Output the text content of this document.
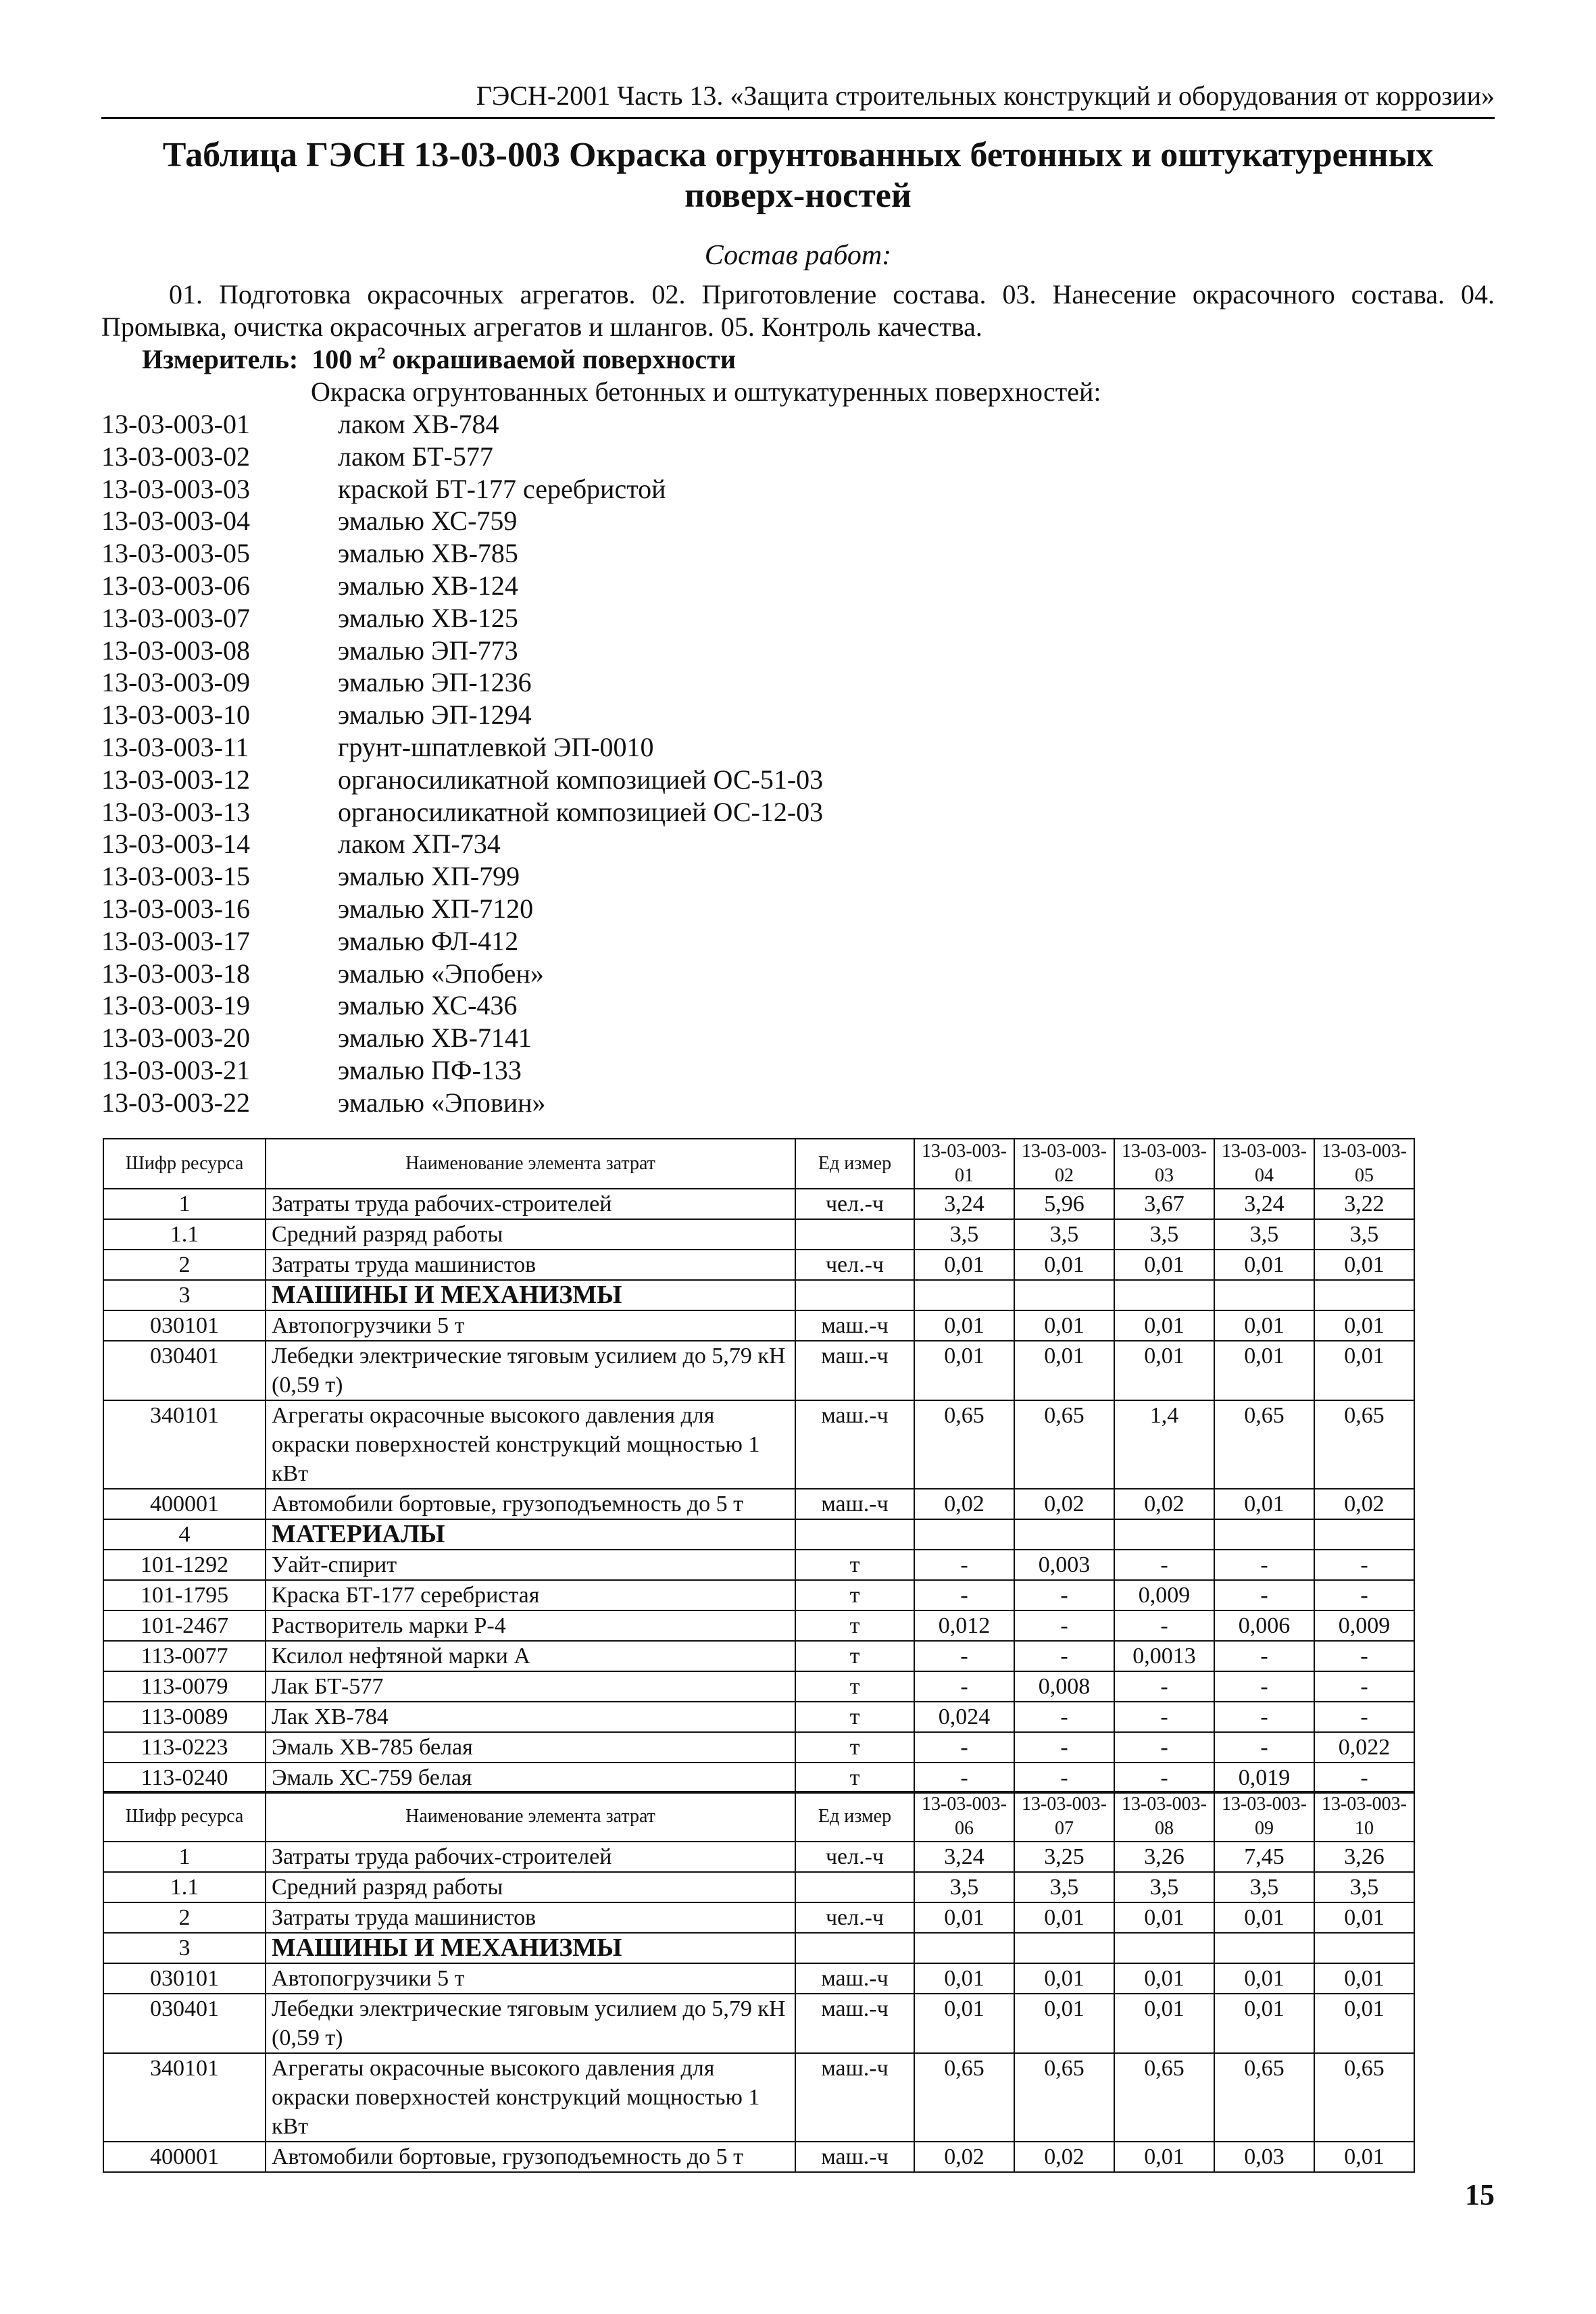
ГЭСН-2001 Часть 13. «Защита строительных конструкций и оборудования от коррозии»
Таблица ГЭСН 13-03-003 Окраска огрунтованных бетонных и оштукатуренных поверх-ностей
Состав работ:
01. Подготовка окрасочных агрегатов. 02. Приготовление состава. 03. Нанесение окрасочного состава. 04. Промывка, очистка окрасочных агрегатов и шлангов. 05. Контроль качества.
Измеритель: 100 $м^2$ окрашиваемой поверхности
Окраска огрунтованных бетонных и оштукатуренных поверхностей:
13-03-003-01	лаком ХВ-784
13-03-003-02	лаком БТ-577
13-03-003-03	краской БТ-177 серебристой
13-03-003-04	эмалью ХС-759
13-03-003-05	эмалью ХВ-785
13-03-003-06	эмалью ХВ-124
13-03-003-07	эмалью ХВ-125
13-03-003-08	эмалью ЭП-773
13-03-003-09	эмалью ЭП-1236
13-03-003-10	эмалью ЭП-1294
13-03-003-11	грунт-шпатлевкой ЭП-0010
13-03-003-12	органосиликатной композицией ОС-51-03
13-03-003-13	органосиликатной композицией ОС-12-03
13-03-003-14	лаком ХП-734
13-03-003-15	эмалью ХП-799
13-03-003-16	эмалью ХП-7120
13-03-003-17	эмалью ФЛ-412
13-03-003-18	эмалью «Эпобен»
13-03-003-19	эмалью ХС-436
13-03-003-20	эмалью ХВ-7141
13-03-003-21	эмалью ПФ-133
13-03-003-22	эмалью «Эповин»
Шифр ресурса	Наименование элемента затрат	Ед измер	13-03-003-01	13-03-003-02	13-03-003-03	13-03-003-04	13-03-003-05
1	Затраты труда рабочих-строителей	чел.-ч	3,24	5,96	3,67	3,24	3,22
1.1	Средний разряд работы		3,5	3,5	3,5	3,5	3,5
2	Затраты труда машинистов	чел.-ч	0,01	0,01	0,01	0,01	0,01
3	МАШИНЫ И МЕХАНИЗМЫ						
030101	Автопогрузчики 5 т	маш.-ч	0,01	0,01	0,01	0,01	0,01
030401	Лебедки электрические тяговым усилием до 5,79 кН (0,59 т)	маш.-ч	0,01	0,01	0,01	0,01	0,01
340101	Агрегаты окрасочные высокого давления для окраски поверхностей конструкций мощностью 1 кВт	маш.-ч	0,65	0,65	1,4	0,65	0,65
400001	Автомобили бортовые, грузоподъемность до 5 т	маш.-ч	0,02	0,02	0,02	0,01	0,02
4	МАТЕРИАЛЫ						
101-1292	Уайт-спирит	т	-	0,003	-	-	-
101-1795	Краска БТ-177 серебристая	т	-	-	0,009	-	-
101-2467	Растворитель марки Р-4	т	0,012	-	-	0,006	0,009
113-0077	Ксилол нефтяной марки А	т	-	-	0,0013	-	-
113-0079	Лак БТ-577	т	-	0,008	-	-	-
113-0089	Лак ХВ-784	т	0,024	-	-	-	-
113-0223	Эмаль ХВ-785 белая	т	-	-	-	-	0,022
113-0240	Эмаль ХС-759 белая	т	-	-	-	0,019	-
Шифр ресурса	Наименование элемента затрат	Ед измер	13-03-003-06	13-03-003-07	13-03-003-08	13-03-003-09	13-03-003-10
1	Затраты труда рабочих-строителей	чел.-ч	3,24	3,25	3,26	7,45	3,26
1.1	Средний разряд работы		3,5	3,5	3,5	3,5	3,5
2	Затраты труда машинистов	чел.-ч	0,01	0,01	0,01	0,01	0,01
3	МАШИНЫ И МЕХАНИЗМЫ						
030101	Автопогрузчики 5 т	маш.-ч	0,01	0,01	0,01	0,01	0,01
030401	Лебедки электрические тяговым усилием до 5,79 кН (0,59 т)	маш.-ч	0,01	0,01	0,01	0,01	0,01
340101	Агрегаты окрасочные высокого давления для окраски поверхностей конструкций мощностью 1 кВт	маш.-ч	0,65	0,65	0,65	0,65	0,65
400001	Автомобили бортовые, грузоподъемность до 5 т	маш.-ч	0,02	0,02	0,01	0,03	0,01
15
